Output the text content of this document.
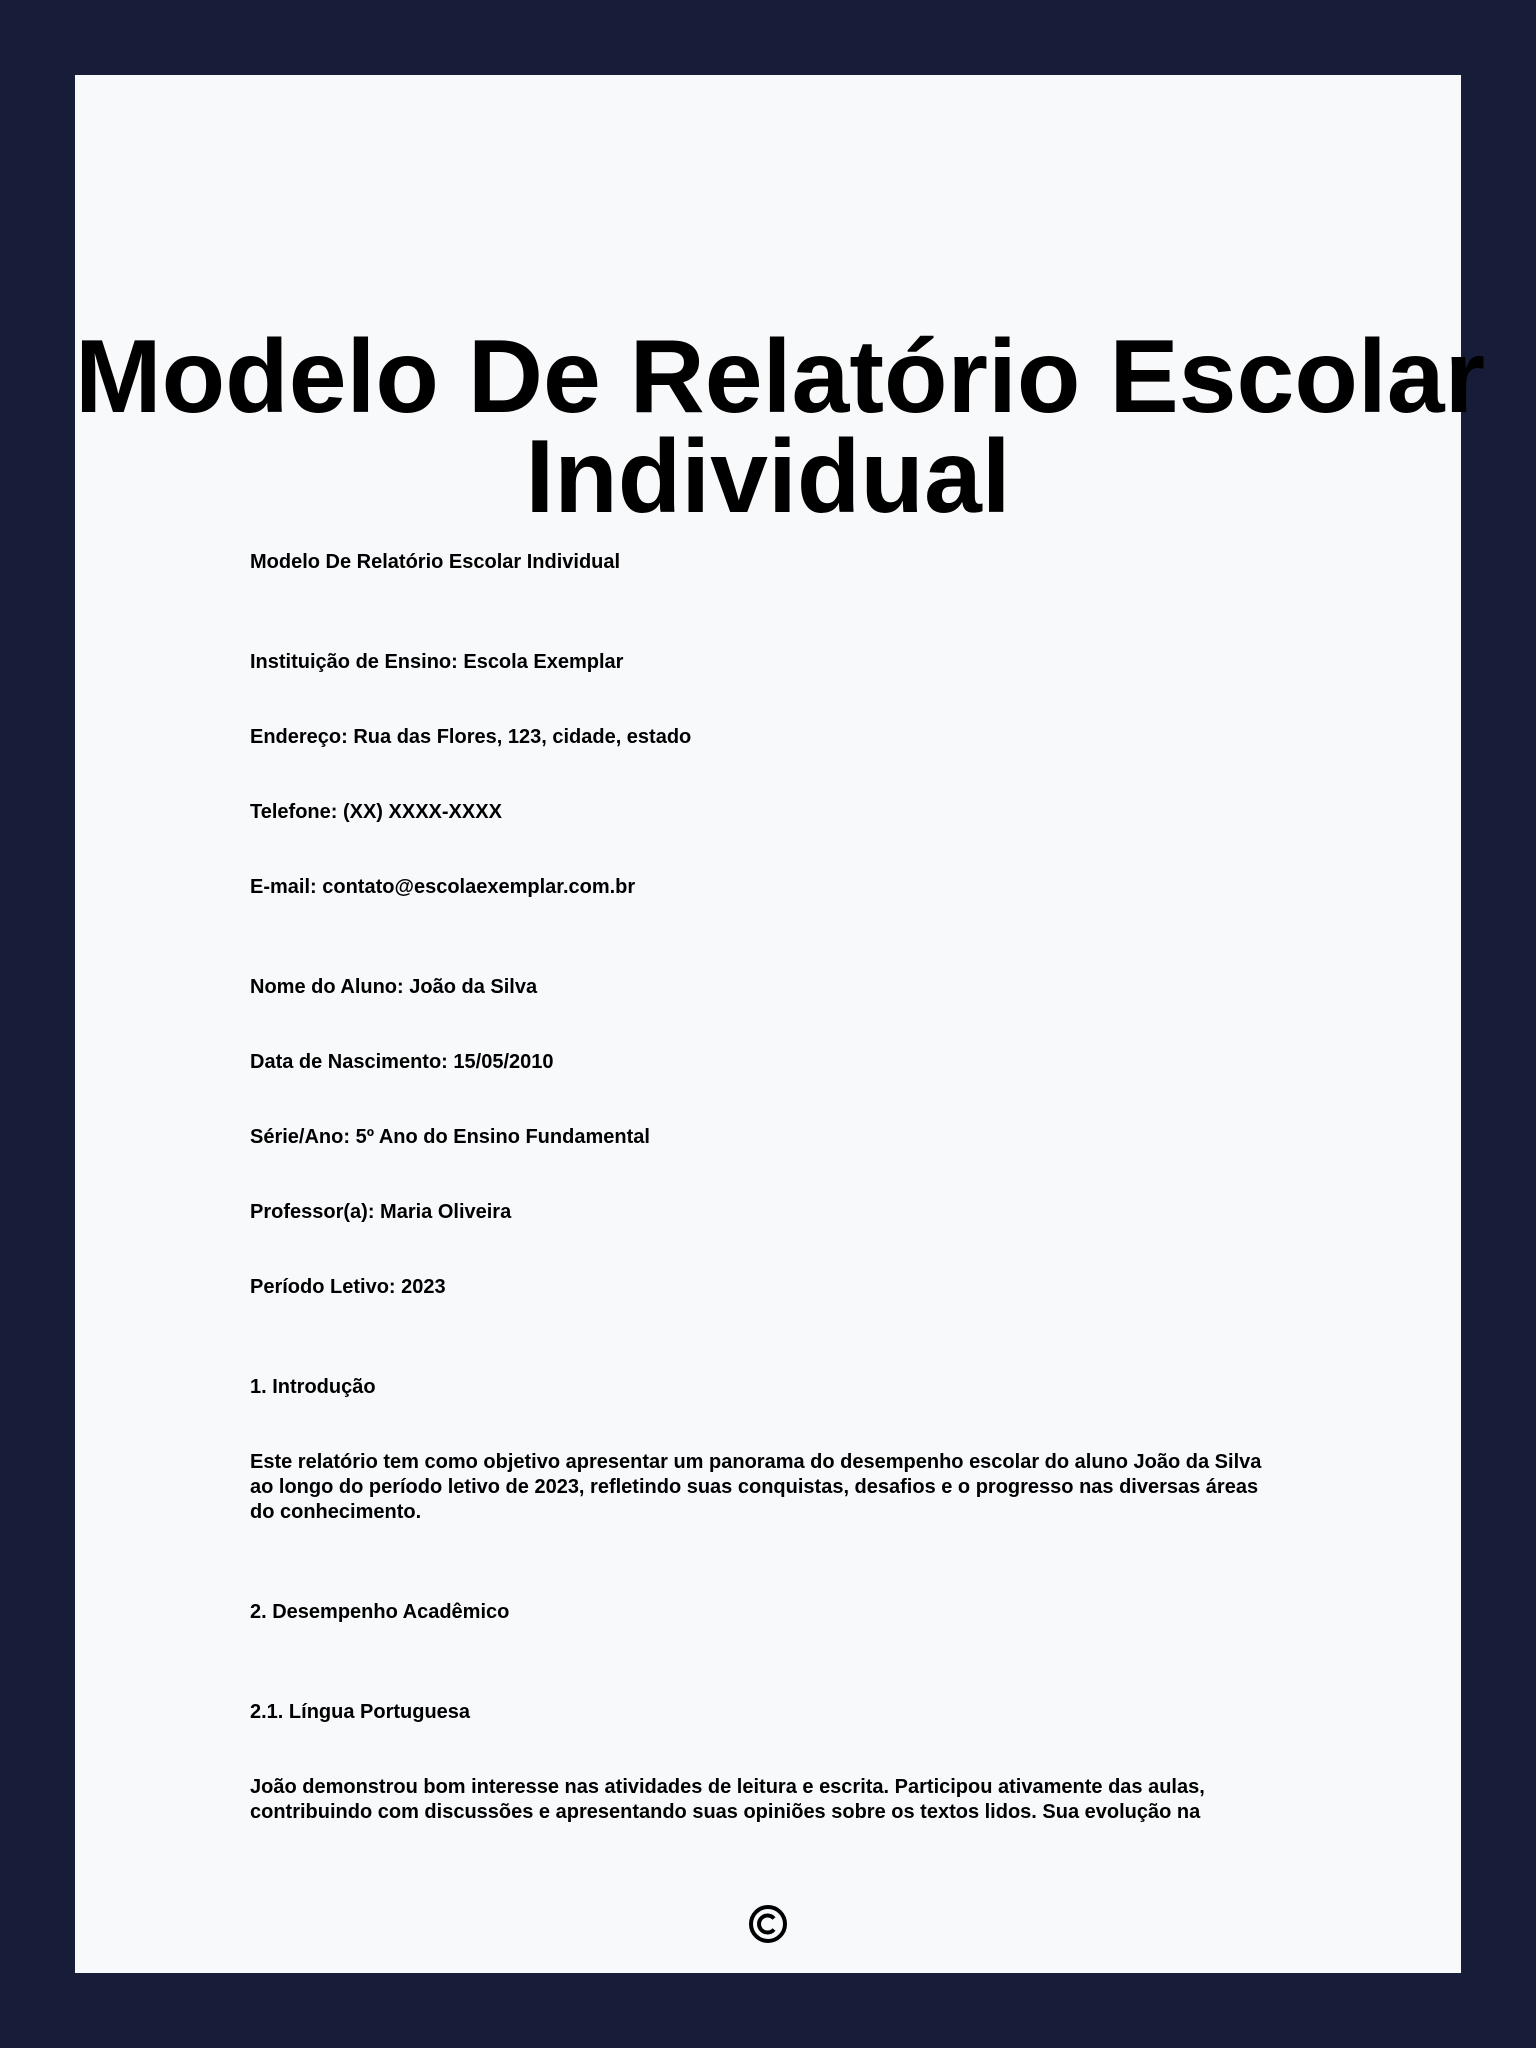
Modelo De Relatório Escolar
Individual

Modelo De Relatório Escolar Individual

Instituição de Ensino: Escola Exemplar

Endereço: Rua das Flores, 123, cidade, estado

Telefone: (XX) XXXX-XXXX

E-mail: contato@escolaexemplar.com.br

Nome do Aluno: João da Silva

Data de Nascimento: 15/05/2010

Série/Ano: 5º Ano do Ensino Fundamental

Professor(a): Maria Oliveira

Período Letivo: 2023

1. Introdução

Este relatório tem como objetivo apresentar um panorama do desempenho escolar do aluno João da Silva ao longo do período letivo de 2023, refletindo suas conquistas, desafios e o progresso nas diversas áreas do conhecimento.

2. Desempenho Acadêmico

2.1. Língua Portuguesa

João demonstrou bom interesse nas atividades de leitura e escrita. Participou ativamente das aulas, contribuindo com discussões e apresentando suas opiniões sobre os textos lidos. Sua evolução na
